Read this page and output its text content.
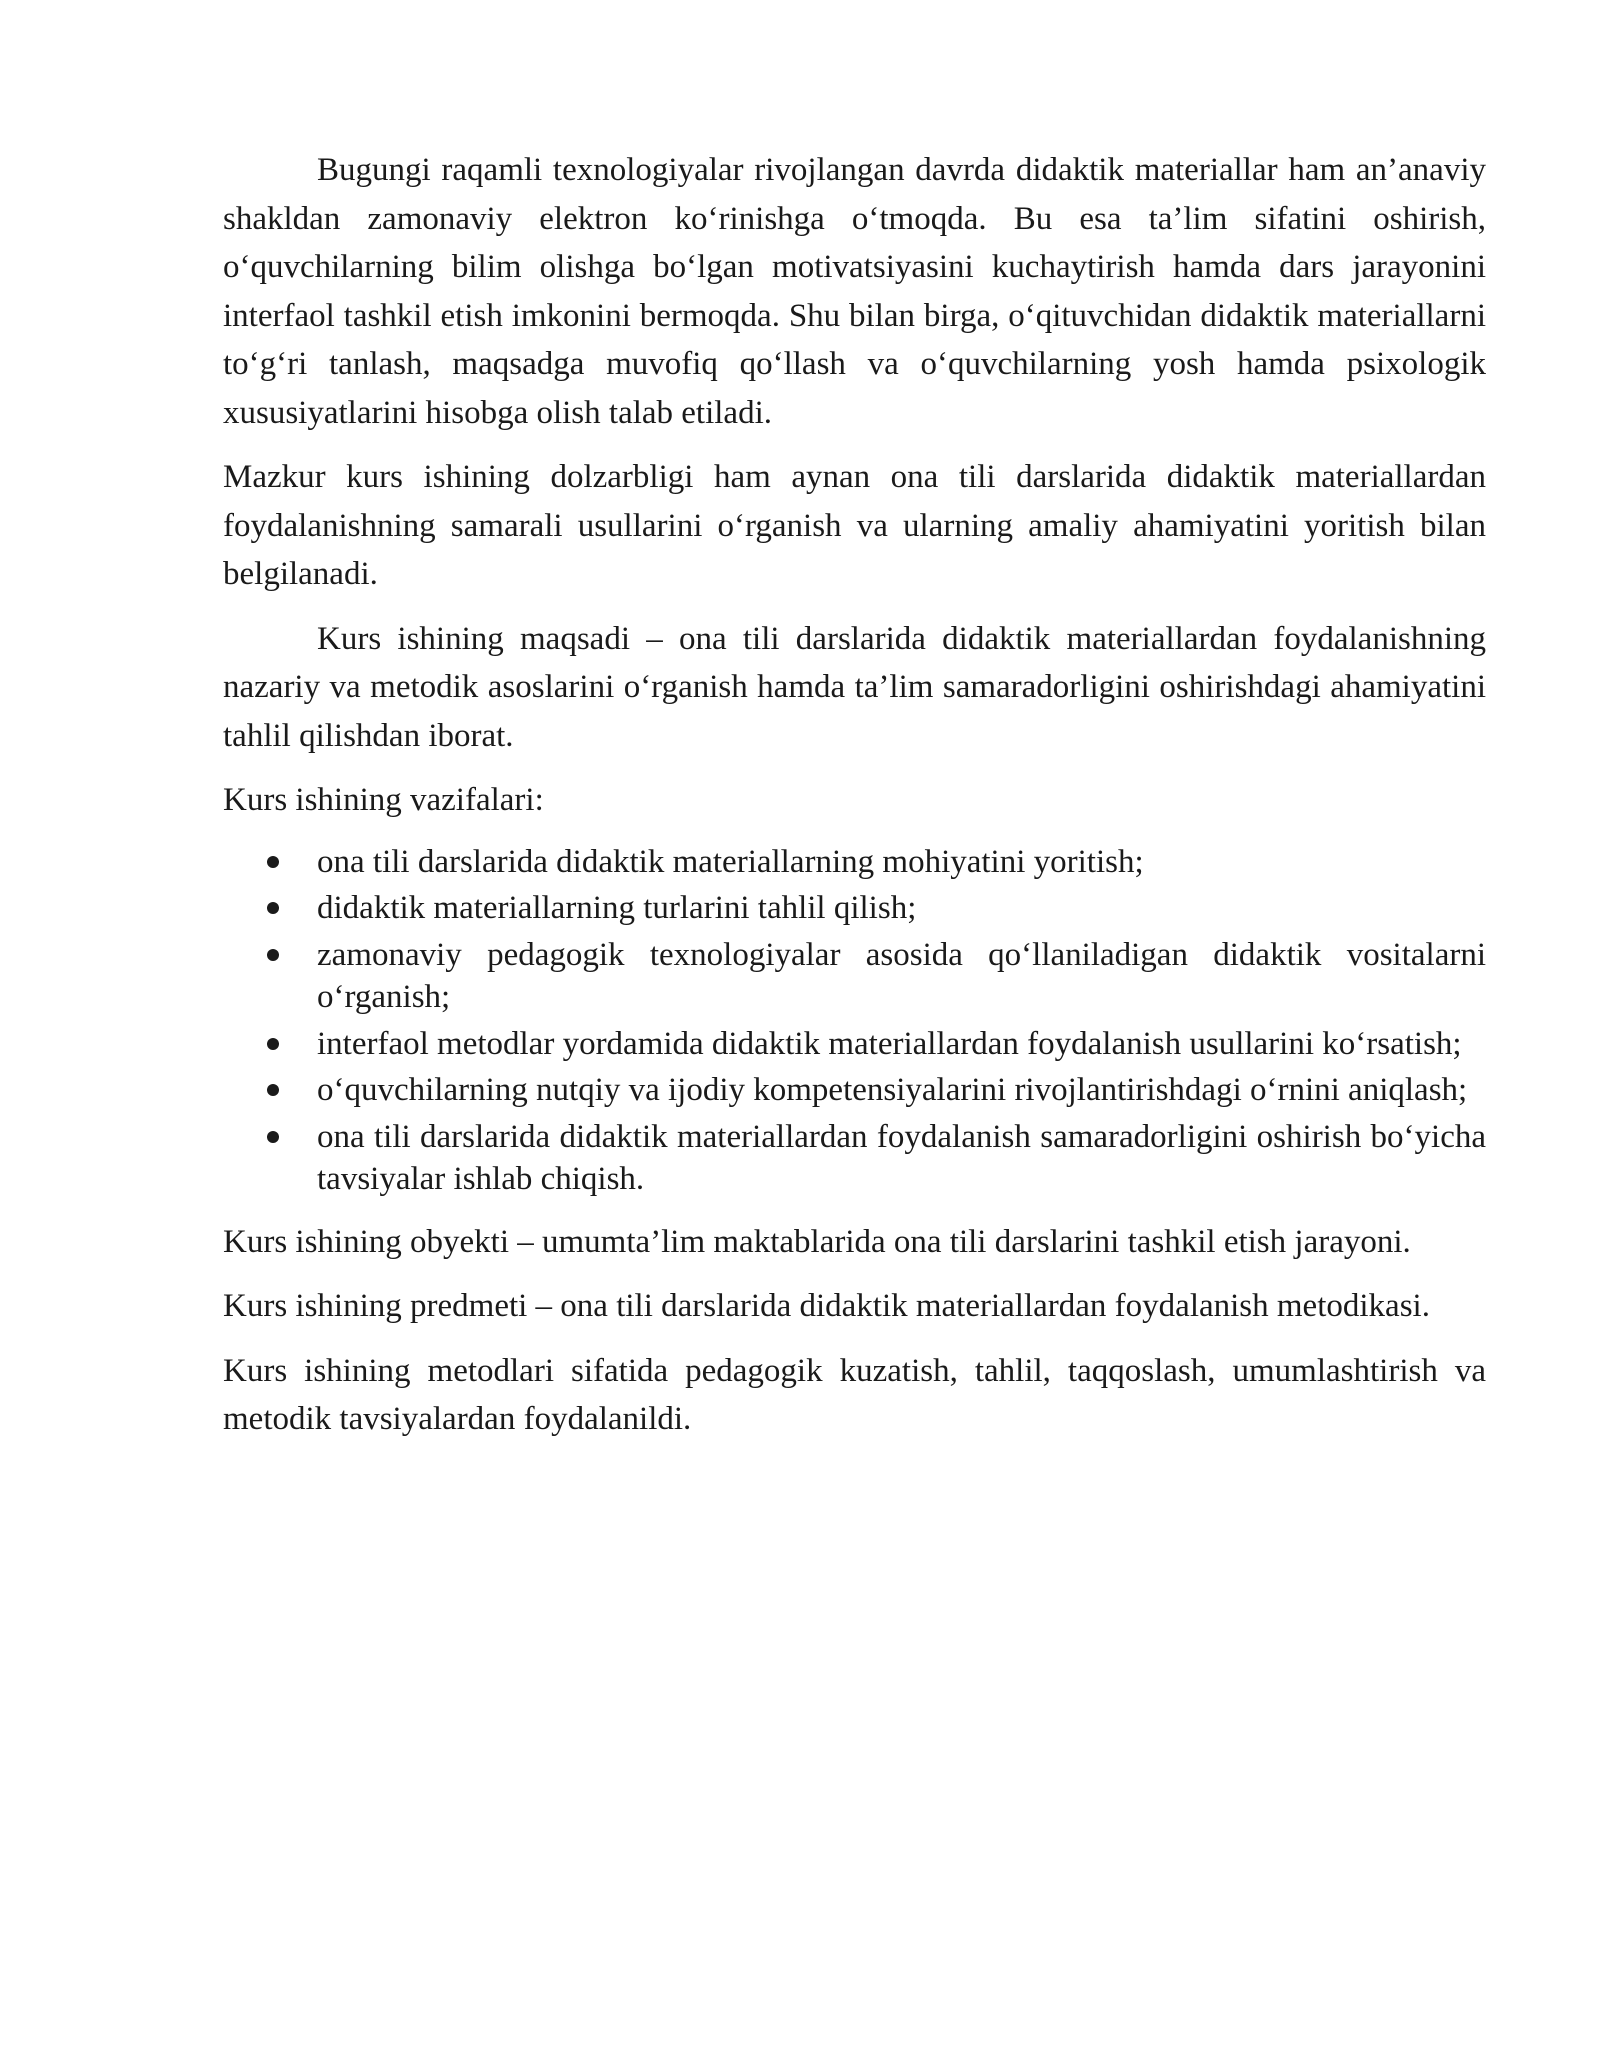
Bugungi raqamli texnologiyalar rivojlangan davrda didaktik materiallar ham an’anaviy shakldan zamonaviy elektron koʻrinishga oʻtmoqda. Bu esa ta’lim sifatini oshirish, oʻquvchilarning bilim olishga boʻlgan motivatsiyasini kuchaytirish hamda dars jarayonini interfaol tashkil etish imkonini bermoqda. Shu bilan birga, oʻqituvchidan didaktik materiallarni toʻgʻri tanlash, maqsadga muvofiq qoʻllash va oʻquvchilarning yosh hamda psixologik xususiyatlarini hisobga olish talab etiladi.

Mazkur kurs ishining dolzarbligi ham aynan ona tili darslarida didaktik materiallardan foydalanishning samarali usullarini oʻrganish va ularning amaliy ahamiyatini yoritish bilan belgilanadi.

Kurs ishining maqsadi – ona tili darslarida didaktik materiallardan foydalanishning nazariy va metodik asoslarini oʻrganish hamda ta’lim samaradorligini oshirishdagi ahamiyatini tahlil qilishdan iborat.

Kurs ishining vazifalari:

ona tili darslarida didaktik materiallarning mohiyatini yoritish;
didaktik materiallarning turlarini tahlil qilish;
zamonaviy pedagogik texnologiyalar asosida qoʻllaniladigan didaktik vositalarni oʻrganish;
interfaol metodlar yordamida didaktik materiallardan foydalanish usullarini koʻrsatish;
oʻquvchilarning nutqiy va ijodiy kompetensiyalarini rivojlantirishdagi oʻrnini aniqlash;
ona tili darslarida didaktik materiallardan foydalanish samaradorligini oshirish boʻyicha tavsiyalar ishlab chiqish.

Kurs ishining obyekti – umumta’lim maktablarida ona tili darslarini tashkil etish jarayoni.

Kurs ishining predmeti – ona tili darslarida didaktik materiallardan foydalanish metodikasi.

Kurs ishining metodlari sifatida pedagogik kuzatish, tahlil, taqqoslash, umumlashtirish va metodik tavsiyalardan foydalanildi.
